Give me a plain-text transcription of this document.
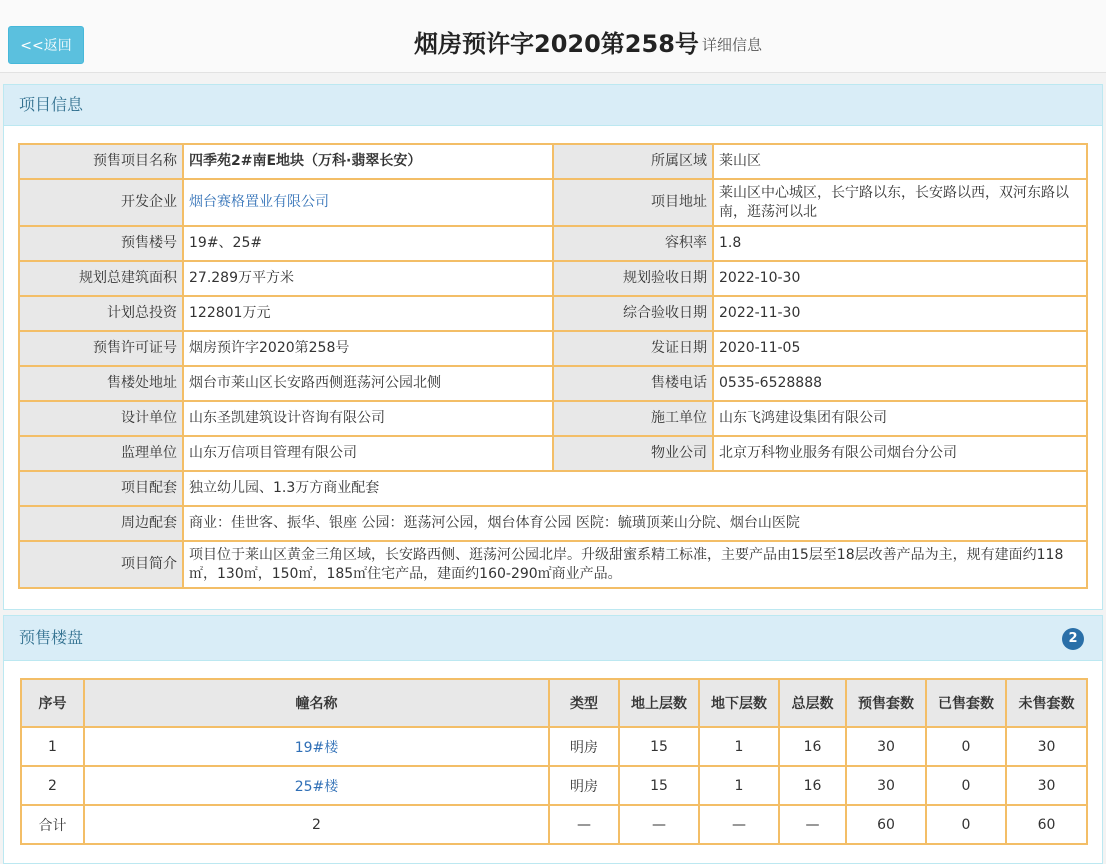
<<返回	烟房预许字2020第258号 详细信息
项目信息
预售项目名称	四季苑2#南E地块（万科·翡翠长安）	所属区域	莱山区
开发企业	烟台赛格置业有限公司	项目地址	莱山区中心城区，长宁路以东，长安路以西，双河东路以南，逛荡河以北
预售楼号	19#、25#	容积率	1.8
规划总建筑面积	27.289万平方米	规划验收日期	2022-10-30
计划总投资	122801万元	综合验收日期	2022-11-30
预售许可证号	烟房预许字2020第258号	发证日期	2020-11-05
售楼处地址	烟台市莱山区长安路西侧逛荡河公园北侧	售楼电话	0535-6528888
设计单位	山东圣凯建筑设计咨询有限公司	施工单位	山东飞鸿建设集团有限公司
监理单位	山东万信项目管理有限公司	物业公司	北京万科物业服务有限公司烟台分公司
项目配套	独立幼儿园、1.3万方商业配套		
周边配套	商业：佳世客、振华、银座 公园：逛荡河公园，烟台体育公园 医院：毓璜顶莱山分院、烟台山医院		
项目简介	项目位于莱山区黄金三角区域，长安路西侧、逛荡河公园北岸。升级甜蜜系精工标准，主要产品由15层至18层改善产品为主，规有建面约118㎡，130㎡，150㎡，185㎡住宅产品，建面约160-290㎡商业产品。		
预售楼盘	2
序号	幢名称	类型	地上层数	地下层数	总层数	预售套数	已售套数	未售套数
1	19#楼	明房	15	1	16	30	0	30
2	25#楼	明房	15	1	16	30	0	30
合计	2	—	—	—	—	60	0	60
